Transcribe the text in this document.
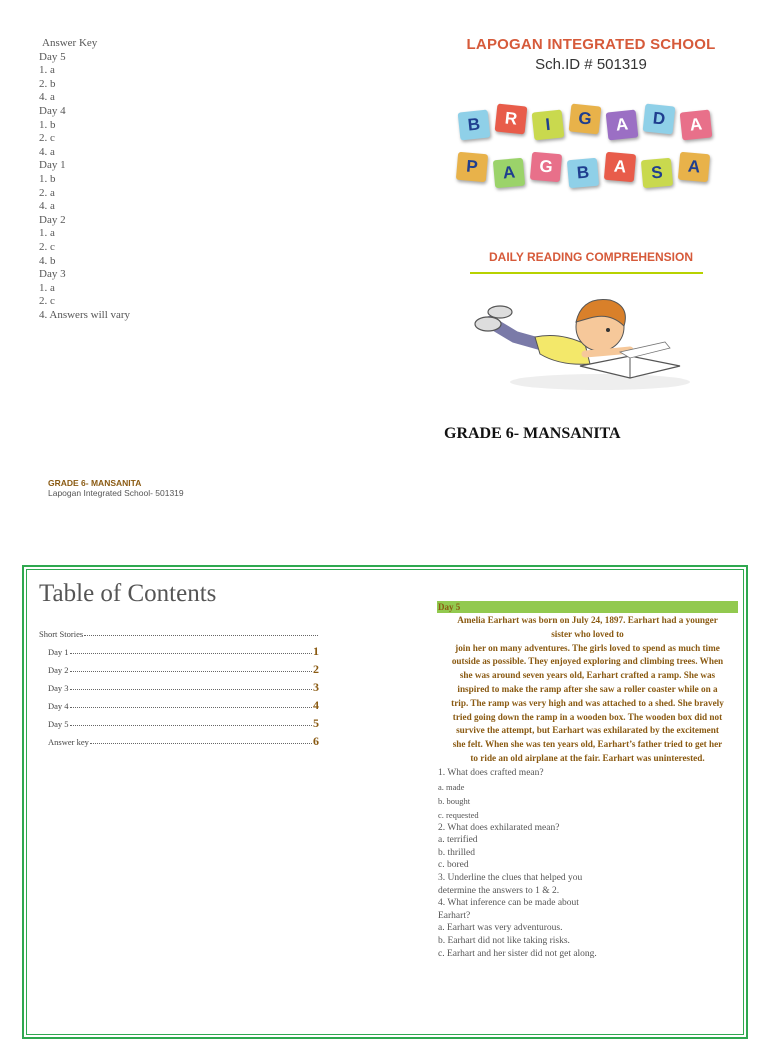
Answer Key
Day 5
1. a
2. b
4. a
Day 4
1. b
2. c
4. a
Day 1
1. b
2. a
4. a
Day 2
1. a
2. c
4. b
Day 3
1. a
2. c
4. Answers will vary
LAPOGAN INTEGRATED SCHOOL
Sch.ID # 501319
B	R	I	G	A	D	A
P	A	G	B	A	S	A
DAILY READING COMPREHENSION
GRADE 6- MANSANITA
GRADE 6- MANSANITA
Lapogan Integrated School- 501319
Table of Contents
Short Stories
Day 1	1
Day 2	2
Day 3	3
Day 4	4
Day 5	5
Answer key	6
Day 5
Amelia Earhart was born on July 24, 1897. Earhart had a younger
sister who loved to
join her on many adventures. The girls loved to spend as much time
outside as possible. They enjoyed exploring and climbing trees. When
she was around seven years old, Earhart crafted a ramp. She was
inspired to make the ramp after she saw a roller coaster while on a
trip. The ramp was very high and was attached to a shed. She bravely
tried going down the ramp in a wooden box. The wooden box did not
survive the attempt, but Earhart was exhilarated by the excitement
she felt. When she was ten years old, Earhart’s father tried to get her
to ride an old airplane at the fair. Earhart was uninterested.
1. What does crafted mean?
a. made
b. bought
c. requested
2. What does exhilarated mean?
a. terrified
b. thrilled
c. bored
3. Underline the clues that helped you
determine the answers to 1 & 2.
4. What inference can be made about
Earhart?
a. Earhart was very adventurous.
b. Earhart did not like taking risks.
c. Earhart and her sister did not get along.
